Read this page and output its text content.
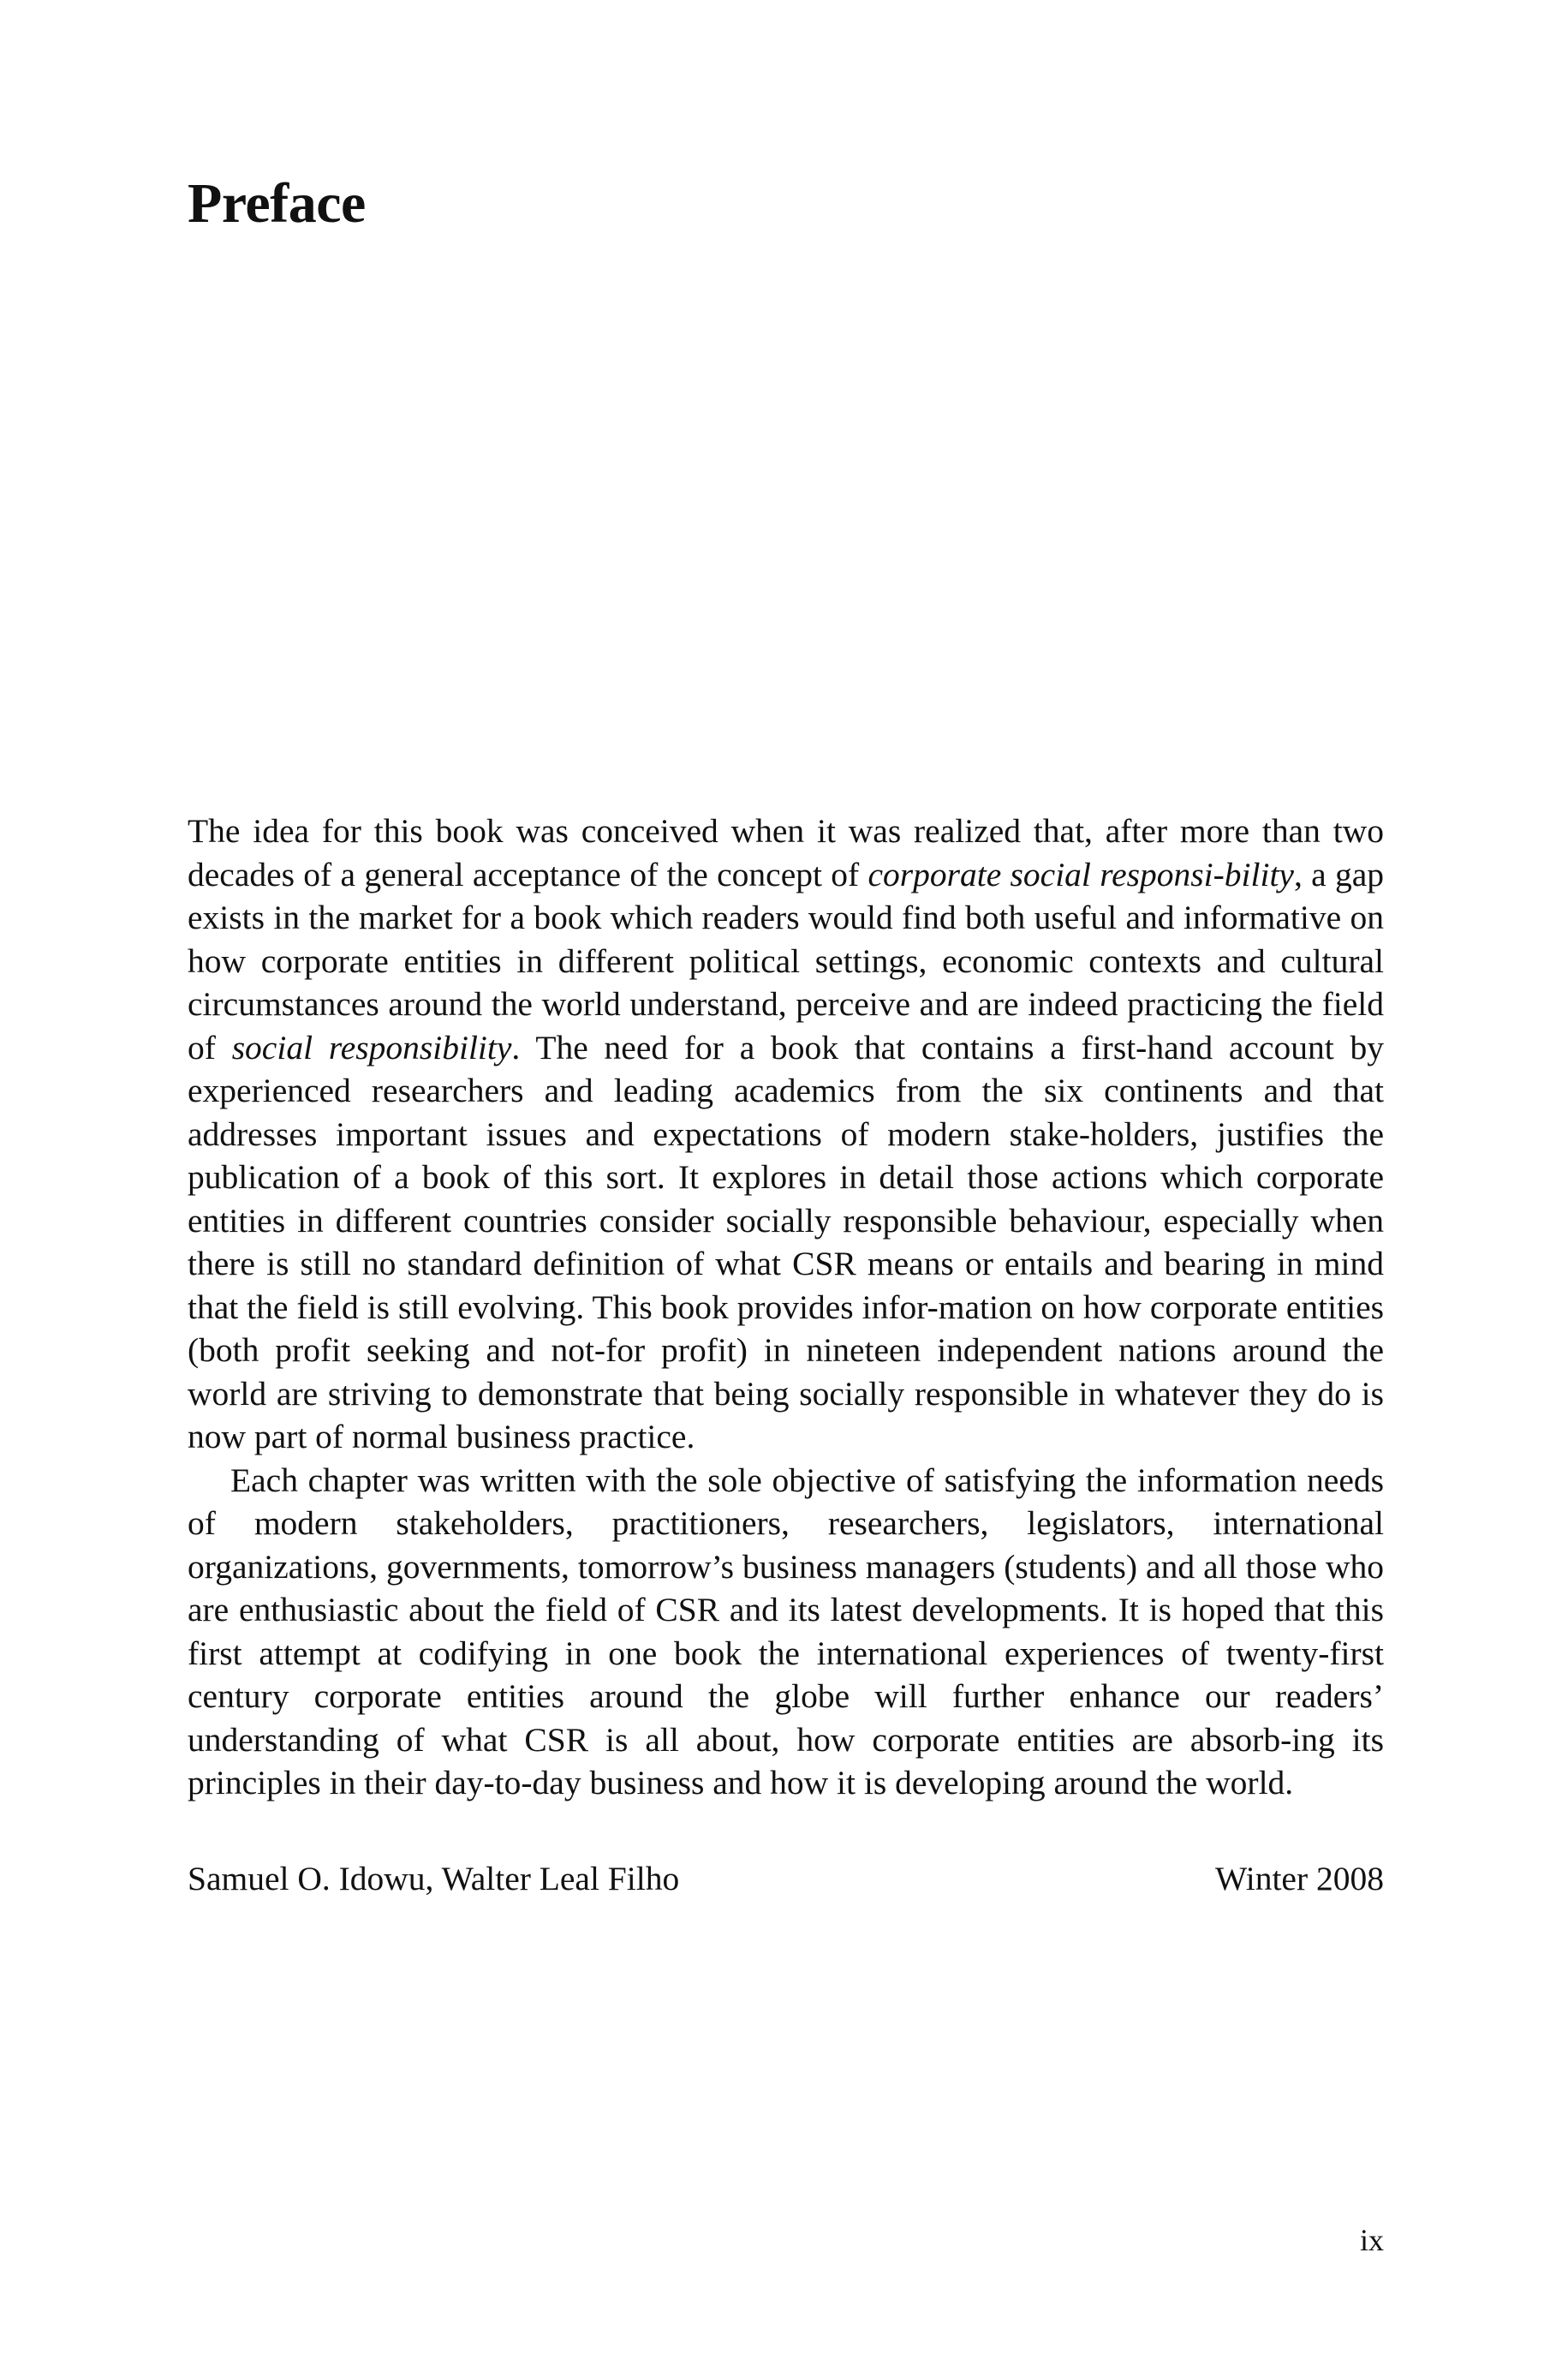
Preface

The idea for this book was conceived when it was realized that, after more than two decades of a general acceptance of the concept of corporate social responsi-bility, a gap exists in the market for a book which readers would find both useful and informative on how corporate entities in different political settings, economic contexts and cultural circumstances around the world understand, perceive and are indeed practicing the field of social responsibility. The need for a book that contains a first-hand account by experienced researchers and leading academics from the six continents and that addresses important issues and expectations of modern stake-holders, justifies the publication of a book of this sort. It explores in detail those actions which corporate entities in different countries consider socially responsible behaviour, especially when there is still no standard definition of what CSR means or entails and bearing in mind that the field is still evolving. This book provides infor-mation on how corporate entities (both profit seeking and not-for profit) in nineteen independent nations around the world are striving to demonstrate that being socially responsible in whatever they do is now part of normal business practice.

Each chapter was written with the sole objective of satisfying the information needs of modern stakeholders, practitioners, researchers, legislators, international organizations, governments, tomorrow’s business managers (students) and all those who are enthusiastic about the field of CSR and its latest developments. It is hoped that this first attempt at codifying in one book the international experiences of twenty-first century corporate entities around the globe will further enhance our readers’ understanding of what CSR is all about, how corporate entities are absorb-ing its principles in their day-to-day business and how it is developing around the world.

Samuel O. Idowu, Walter Leal Filho	Winter 2008
ix
